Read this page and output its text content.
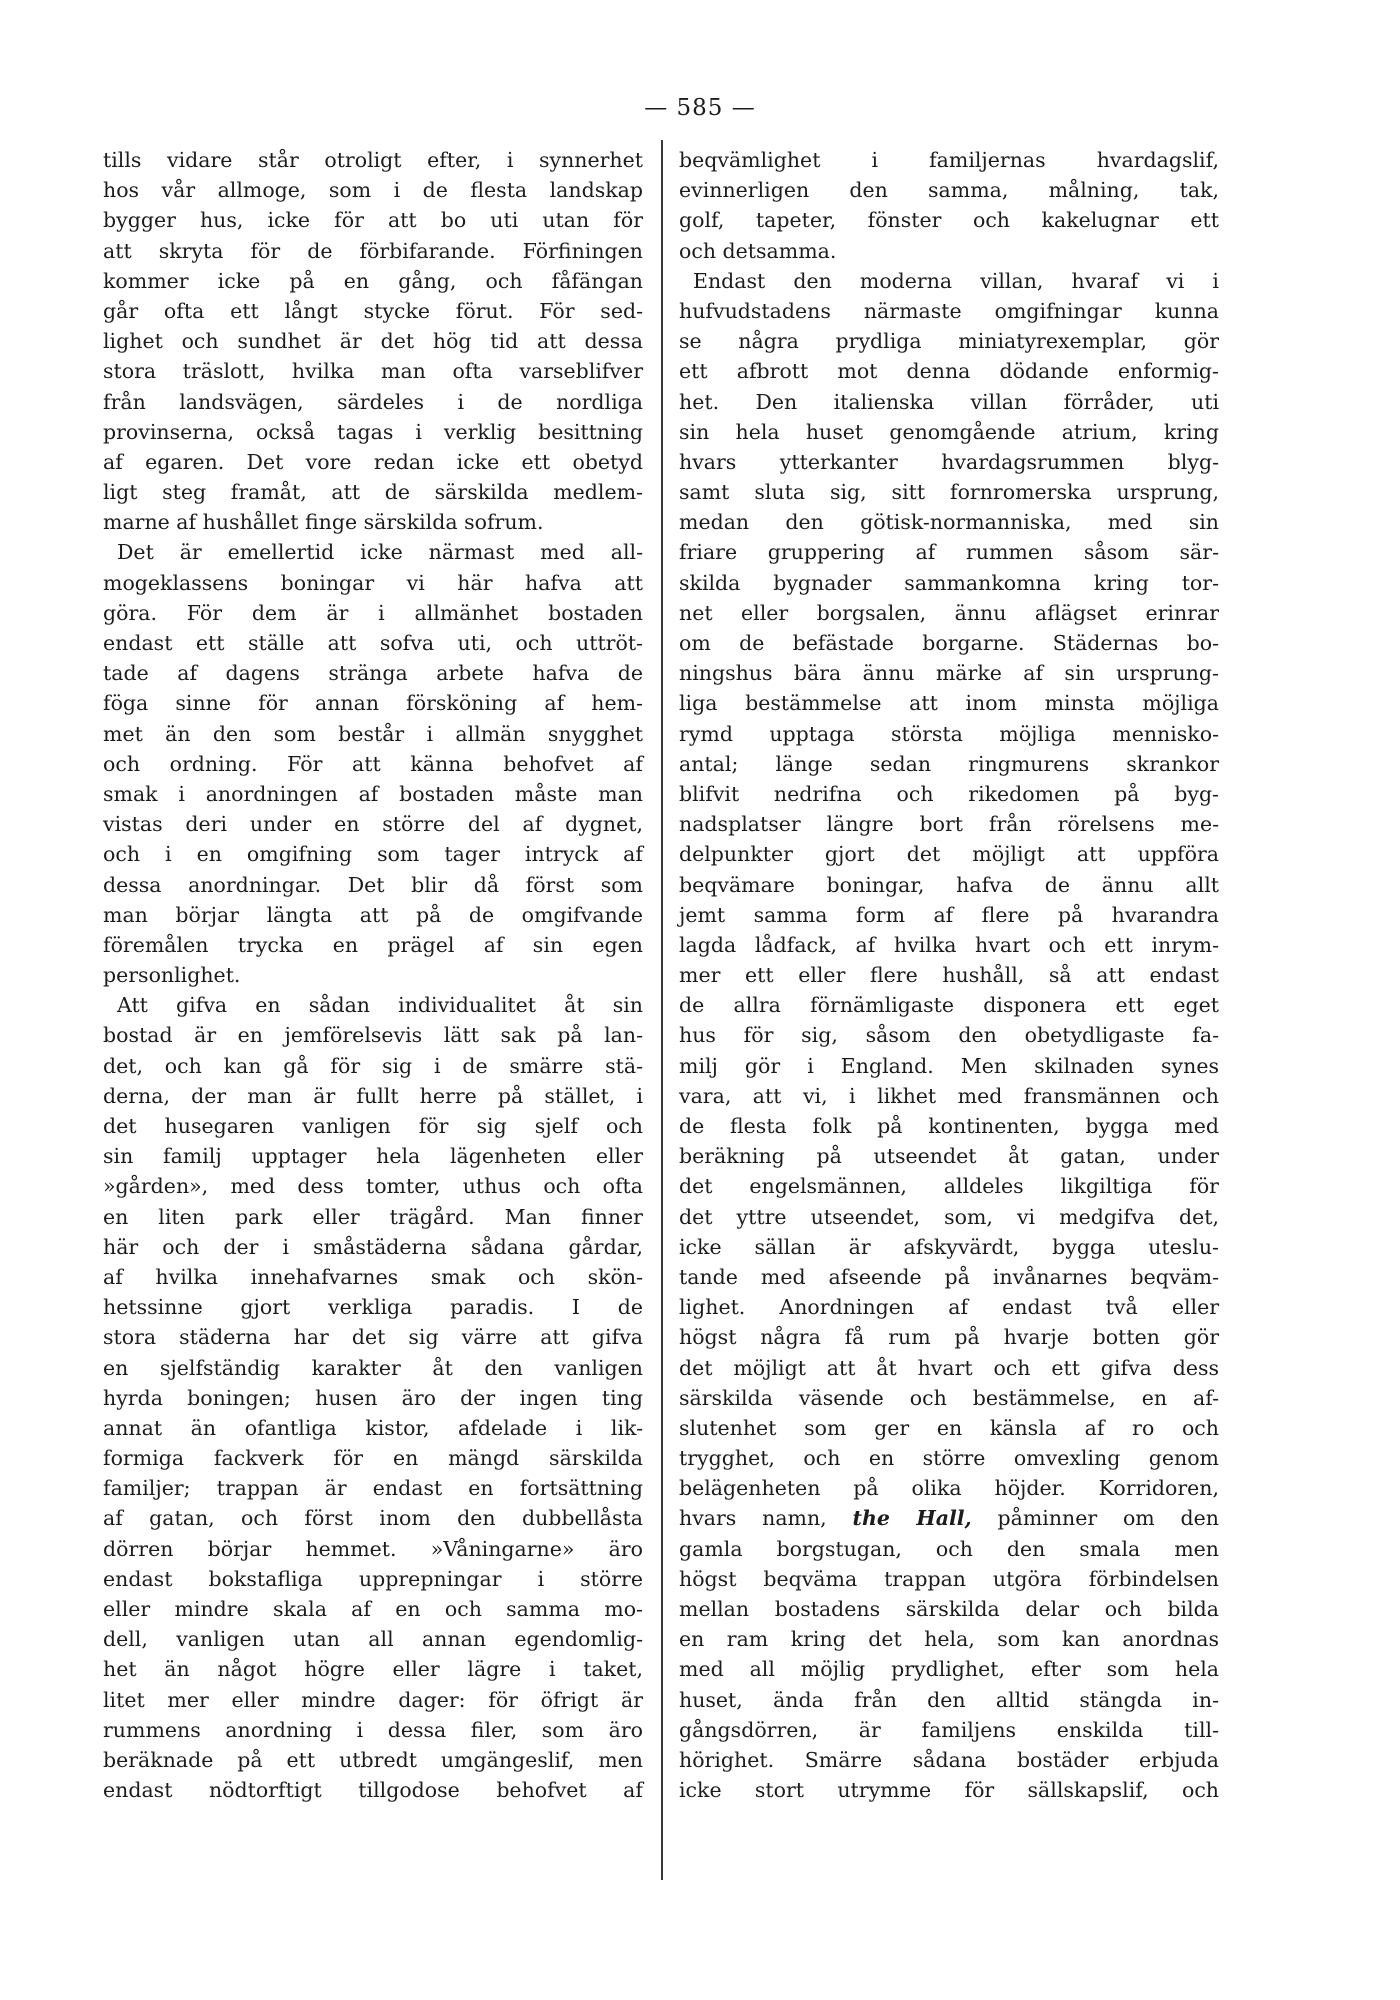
— 585 —
tills vidare står otroligt efter, i synnerhet
hos vår allmoge, som i de flesta landskap
bygger hus, icke för att bo uti utan för
att skryta för de förbifarande. Förfiningen
kommer icke på en gång, och fåfängan
går ofta ett långt stycke förut. För sed-
lighet och sundhet är det hög tid att dessa
stora träslott, hvilka man ofta varseblifver
från landsvägen, särdeles i de nordliga
provinserna, också tagas i verklig besittning
af egaren. Det vore redan icke ett obetyd
ligt steg framåt, att de särskilda medlem-
marne af hushållet finge särskilda sofrum.
Det är emellertid icke närmast med all-
mogeklassens boningar vi här hafva att
göra. För dem är i allmänhet bostaden
endast ett ställe att sofva uti, och uttröt-
tade af dagens stränga arbete hafva de
föga sinne för annan försköning af hem-
met än den som består i allmän snygghet
och ordning. För att känna behofvet af
smak i anordningen af bostaden måste man
vistas deri under en större del af dygnet,
och i en omgifning som tager intryck af
dessa anordningar. Det blir då först som
man börjar längta att på de omgifvande
föremålen trycka en prägel af sin egen
personlighet.
Att gifva en sådan individualitet åt sin
bostad är en jemförelsevis lätt sak på lan-
det, och kan gå för sig i de smärre stä-
derna, der man är fullt herre på stället, i
det husegaren vanligen för sig sjelf och
sin familj upptager hela lägenheten eller
»gården», med dess tomter, uthus och ofta
en liten park eller trägård. Man finner
här och der i småstäderna sådana gårdar,
af hvilka innehafvarnes smak och skön-
hetssinne gjort verkliga paradis. I de
stora städerna har det sig värre att gifva
en sjelfständig karakter åt den vanligen
hyrda boningen; husen äro der ingen ting
annat än ofantliga kistor, afdelade i lik-
formiga fackverk för en mängd särskilda
familjer; trappan är endast en fortsättning
af gatan, och först inom den dubbellåsta
dörren börjar hemmet. »Våningarne» äro
endast bokstafliga upprepningar i större
eller mindre skala af en och samma mo-
dell, vanligen utan all annan egendomlig-
het än något högre eller lägre i taket,
litet mer eller mindre dager: för öfrigt är
rummens anordning i dessa filer, som äro
beräknade på ett utbredt umgängeslif, men
endast nödtorftigt tillgodose behofvet af
beqvämlighet i familjernas hvardagslif,
evinnerligen den samma, målning, tak,
golf, tapeter, fönster och kakelugnar ett
och detsamma.
Endast den moderna villan, hvaraf vi i
hufvudstadens närmaste omgifningar kunna
se några prydliga miniatyrexemplar, gör
ett afbrott mot denna dödande enformig-
het. Den italienska villan förråder, uti
sin hela huset genomgående atrium, kring
hvars ytterkanter hvardagsrummen blyg-
samt sluta sig, sitt fornromerska ursprung,
medan den götisk-normanniska, med sin
friare gruppering af rummen såsom sär-
skilda bygnader sammankomna kring tor-
net eller borgsalen, ännu aflägset erinrar
om de befästade borgarne. Städernas bo-
ningshus bära ännu märke af sin ursprung-
liga bestämmelse att inom minsta möjliga
rymd upptaga största möjliga mennisko-
antal; länge sedan ringmurens skrankor
blifvit nedrifna och rikedomen på byg-
nadsplatser längre bort från rörelsens me-
delpunkter gjort det möjligt att uppföra
beqvämare boningar, hafva de ännu allt
jemt samma form af flere på hvarandra
lagda lådfack, af hvilka hvart och ett inrym-
mer ett eller flere hushåll, så att endast
de allra förnämligaste disponera ett eget
hus för sig, såsom den obetydligaste fa-
milj gör i England. Men skilnaden synes
vara, att vi, i likhet med fransmännen och
de flesta folk på kontinenten, bygga med
beräkning på utseendet åt gatan, under
det engelsmännen, alldeles likgiltiga för
det yttre utseendet, som, vi medgifva det,
icke sällan är afskyvärdt, bygga uteslu-
tande med afseende på invånarnes beqväm-
lighet. Anordningen af endast två eller
högst några få rum på hvarje botten gör
det möjligt att åt hvart och ett gifva dess
särskilda väsende och bestämmelse, en af-
slutenhet som ger en känsla af ro och
trygghet, och en större omvexling genom
belägenheten på olika höjder. Korridoren,
hvars namn, the Hall, påminner om den
gamla borgstugan, och den smala men
högst beqväma trappan utgöra förbindelsen
mellan bostadens särskilda delar och bilda
en ram kring det hela, som kan anordnas
med all möjlig prydlighet, efter som hela
huset, ända från den alltid stängda in-
gångsdörren, är familjens enskilda till-
hörighet. Smärre sådana bostäder erbjuda
icke stort utrymme för sällskapslif, och
